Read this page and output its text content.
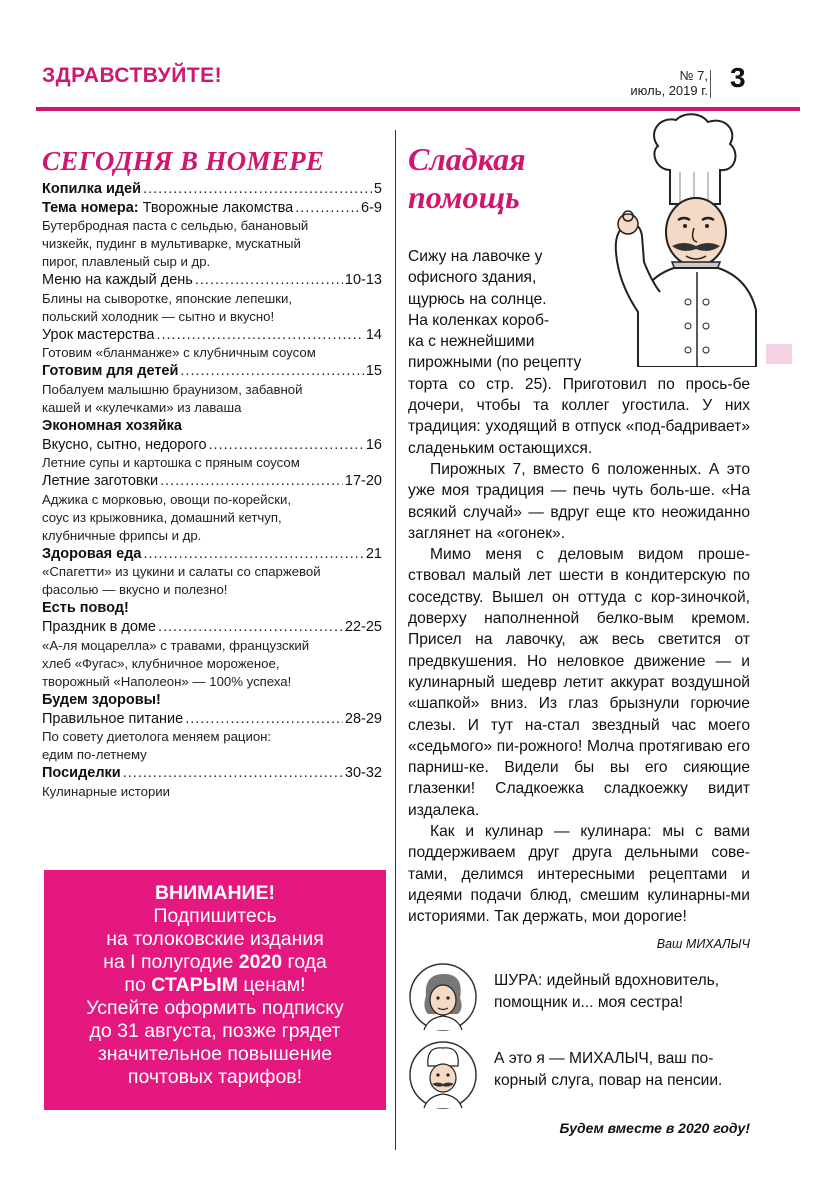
ЗДРАВСТВУЙТЕ!	№ 7,
июль, 2019 г. 3
СЕГОДНЯ В НОМЕРЕ
Копилка идей .....	5
Тема номера: Творожные лакомства .....	6-9
Бутербродная паста с сельдью, банановый
чизкейк, пудинг в мультиварке, мускатный
пирог, плавленый сыр и др.
Меню на каждый день .....	10-13
Блины на сыворотке, японские лепешки,
польский холодник — сытно и вкусно!
Урок мастерства .....	14
Готовим «бланманже» с клубничным соусом
Готовим для детей .....	15
Побалуем малышню браунизом, забавной
кашей и «кулечками» из лаваша
Экономная хозяйка
Вкусно, сытно, недорого .....	16
Летние супы и картошка с пряным соусом
Летние заготовки .....	17-20
Аджика с морковью, овощи по-корейски,
соус из крыжовника, домашний кетчуп,
клубничные фрипсы и др.
Здоровая еда .....	21
«Спагетти» из цукини и салаты со спаржевой
фасолью — вкусно и полезно!
Есть повод!
Праздник в доме .....	22-25
«А-ля моцарелла» с травами, французский
хлеб «Фугас», клубничное мороженое,
творожный «Наполеон» — 100% успеха!
Будем здоровы!
Правильное питание .....	28-29
По совету диетолога меняем рацион:
едим по-летнему
Посиделки .....	30-32
Кулинарные истории
ВНИМАНИЕ!
Подпишитесь
на толоковские издания
на I полугодие 2020 года
по СТАРЫМ ценам!
Успейте оформить подписку
до 31 августа, позже грядет
значительное повышение
почтовых тарифов!
Сладкая
помощь

Сижу на лавочке у
офисного здания,
щурюсь на солнце.
На коленках короб-
ка с нежнейшими
пирожными (по рецепту
торта со стр. 25). Приготовил по прось-бе дочери, чтобы та коллег угостила. У них традиция: уходящий в отпуск «под-бадривает» сладеньким остающихся.

Пирожных 7, вместо 6 положенных. А это уже моя традиция — печь чуть боль-ше. «На всякий случай» — вдруг еще кто неожиданно заглянет на «огонек».

Мимо меня с деловым видом проше-ствовал малый лет шести в кондитерскую по соседству. Вышел он оттуда с кор-зиночкой, доверху наполненной белко-вым кремом. Присел на лавочку, аж весь светится от предвкушения. Но неловкое движение — и кулинарный шедевр летит аккурат воздушной «шапкой» вниз. Из глаз брызнули горючие слезы. И тут на-стал звездный час моего «седьмого» пи-рожного! Молча протягиваю его парниш-ке. Видели бы вы его сияющие глазенки! Сладкоежка сладкоежку видит издалека.

Как и кулинар — кулинара: мы с вами поддерживаем друг друга дельными сове-тами, делимся интересными рецептами и идеями подачи блюд, смешим кулинарны-ми историями. Так держать, мои дорогие!

Ваш МИХАЛЫЧ
ШУРА: идейный вдохновитель, помощник и... моя сестра!
А это я — МИХАЛЫЧ, ваш по-корный слуга, повар на пенсии.
Будем вместе в 2020 году!
